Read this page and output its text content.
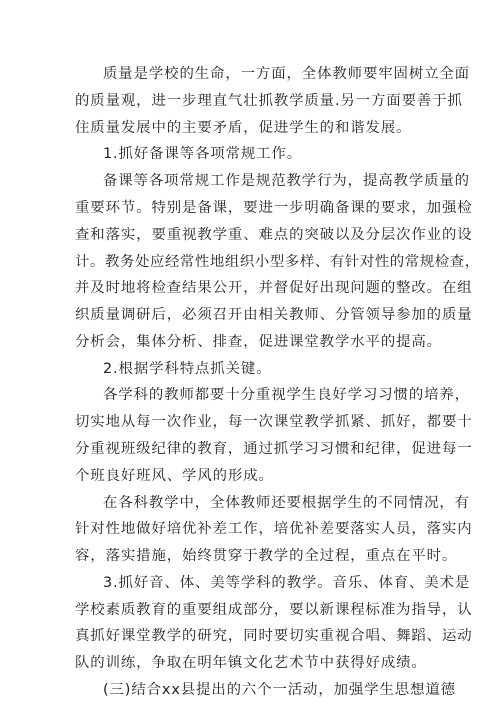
质量是学校的生命，一方面，全体教师要牢固树立全面
的质量观，进一步理直气壮抓教学质量.另一方面要善于抓
住质量发展中的主要矛盾，促进学生的和谐发展。
1.抓好备课等各项常规工作。
备课等各项常规工作是规范教学行为，提高教学质量的
重要环节。特别是备课，要进一步明确备课的要求，加强检
查和落实，要重视教学重、难点的突破以及分层次作业的设
计。教务处应经常性地组织小型多样、有针对性的常规检查，
并及时地将检查结果公开，并督促好出现问题的整改。在组
织质量调研后，必须召开由相关教师、分管领导参加的质量
分析会，集体分析、排查，促进课堂教学水平的提高。
2.根据学科特点抓关键。
各学科的教师都要十分重视学生良好学习习惯的培养，
切实地从每一次作业，每一次课堂教学抓紧、抓好，都要十
分重视班级纪律的教育，通过抓学习习惯和纪律，促进每一
个班良好班风、学风的形成。
在各科教学中，全体教师还要根据学生的不同情况，有
针对性地做好培优补差工作，培优补差要落实人员，落实内
容，落实措施，始终贯穿于教学的全过程，重点在平时。
3.抓好音、体、美等学科的教学。音乐、体育、美术是
学校素质教育的重要组成部分，要以新课程标准为指导，认
真抓好课堂教学的研究，同时要切实重视合唱、舞蹈、运动
队的训练，争取在明年镇文化艺术节中获得好成绩。
(三)结合xx县提出的六个一活动，加强学生思想道德
